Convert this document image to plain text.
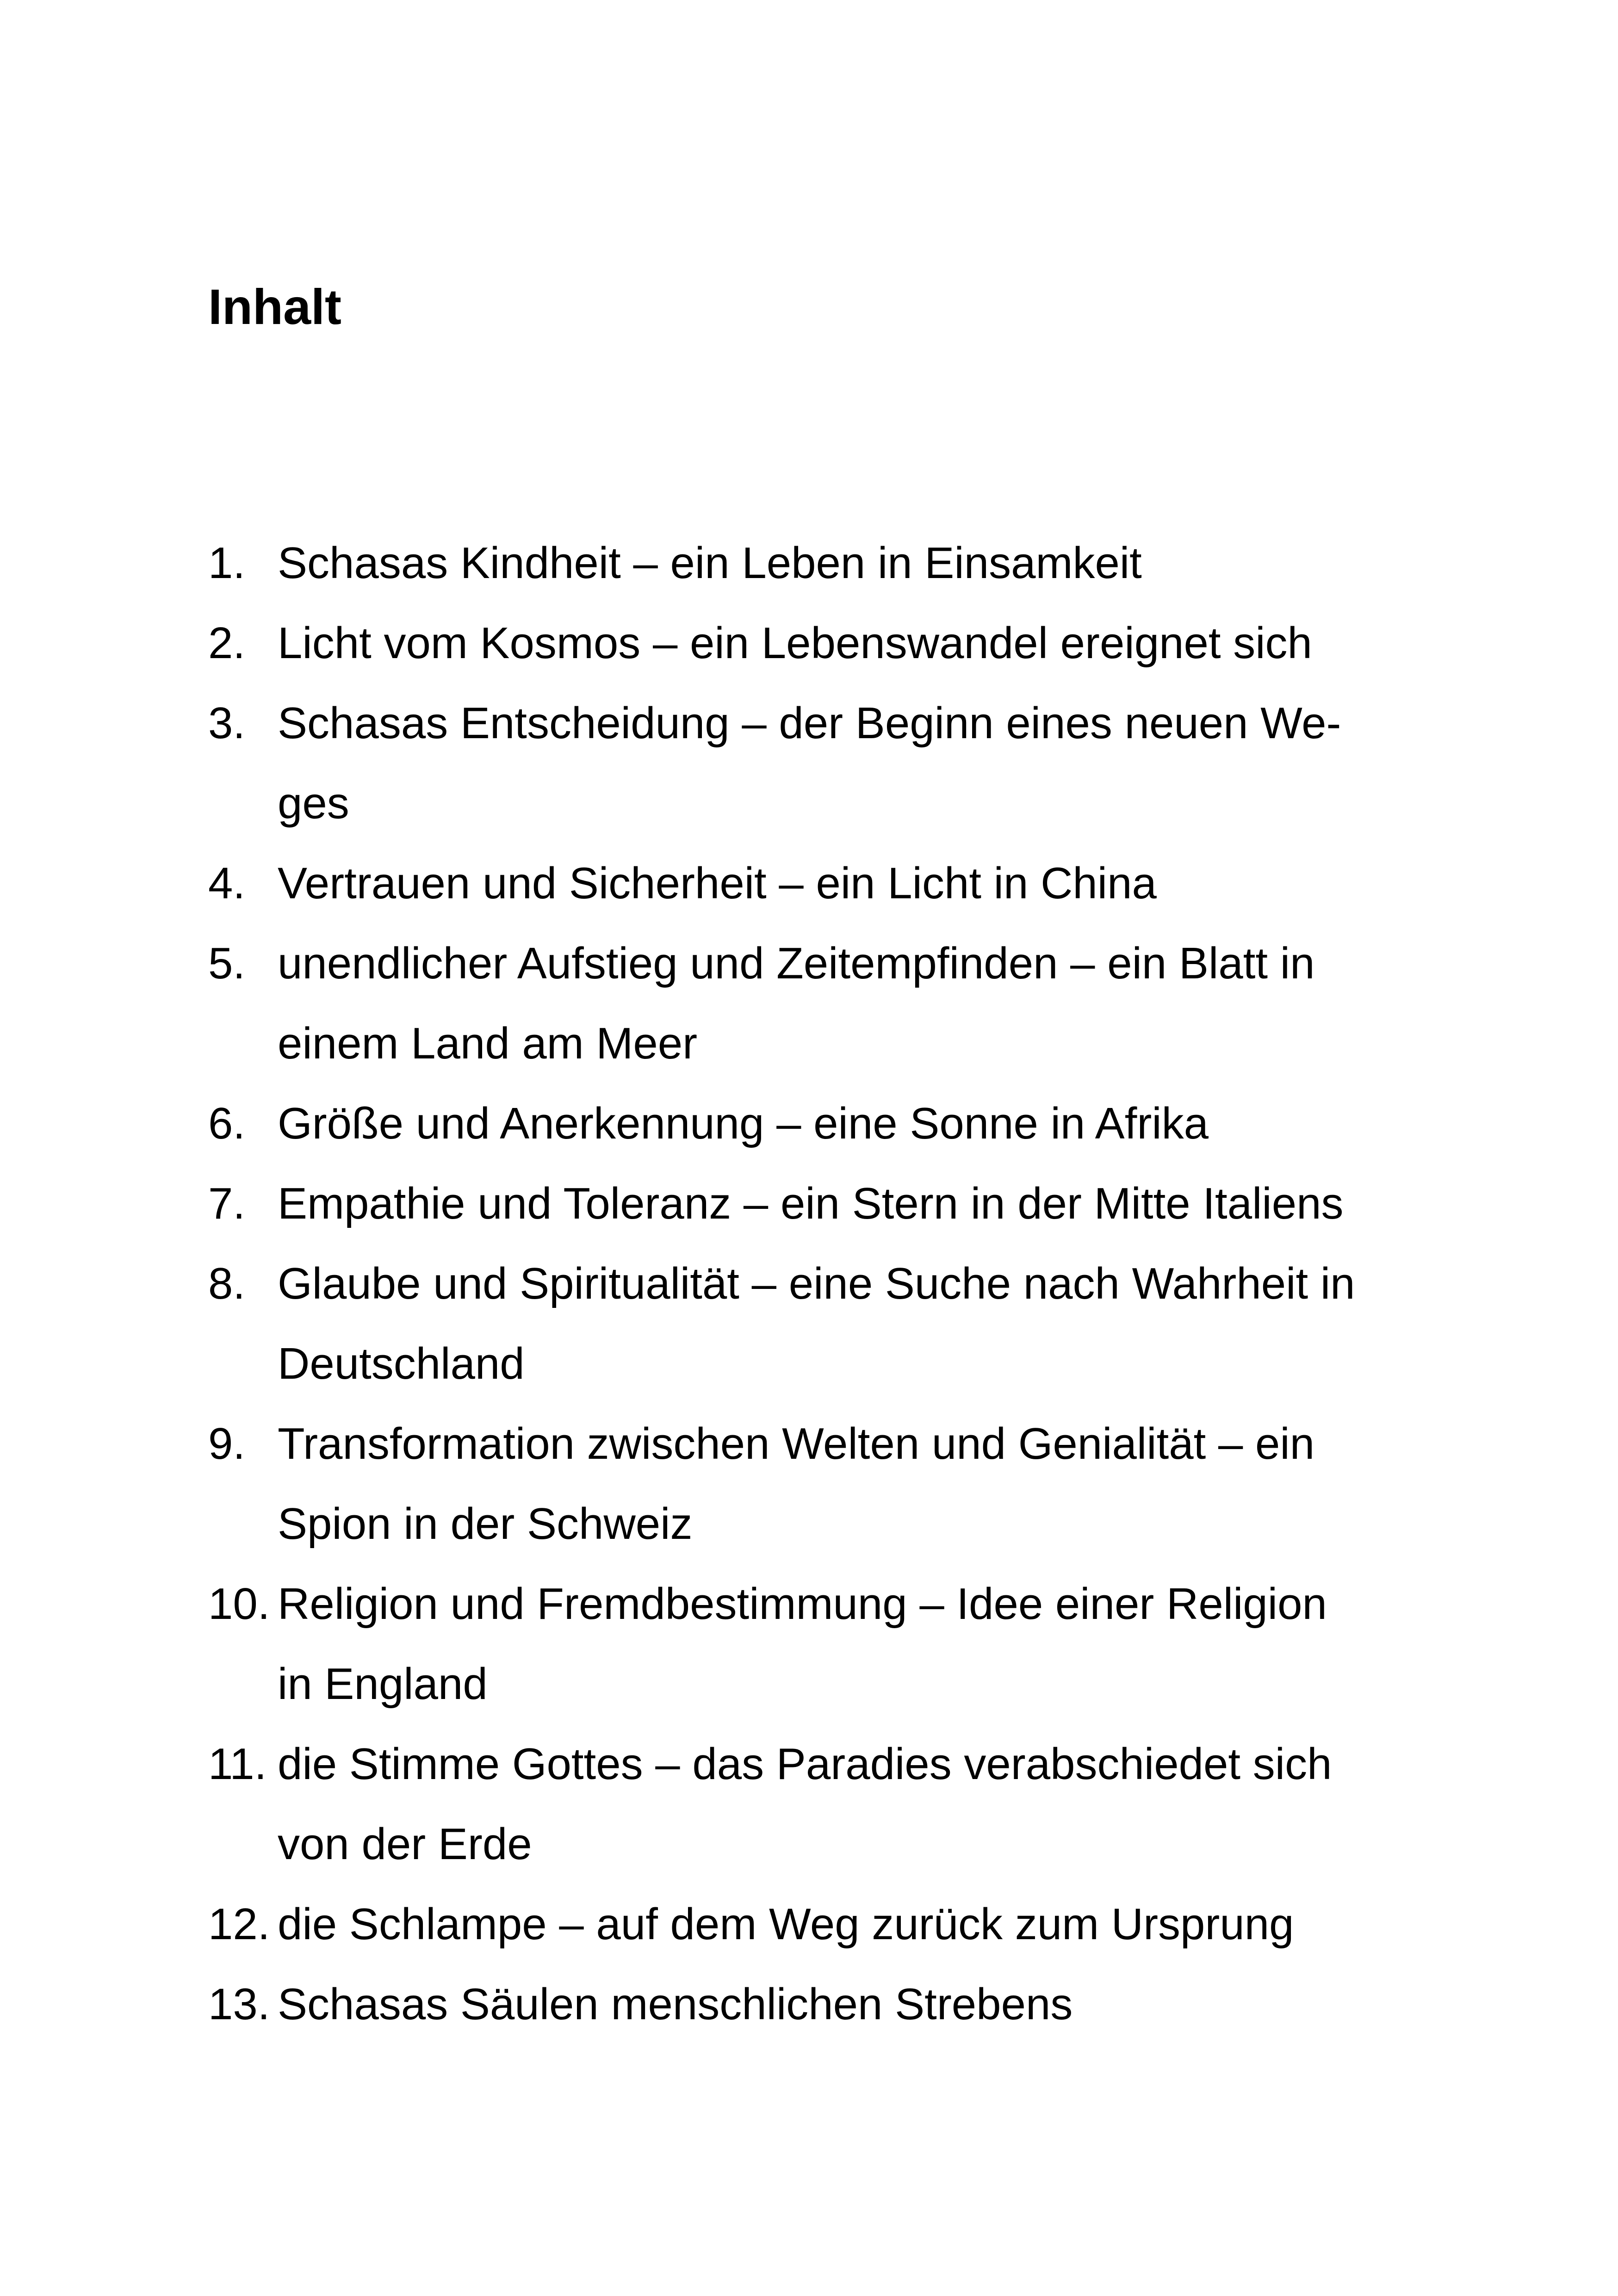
Inhalt
1. Schasas Kindheit – ein Leben in Einsamkeit
2. Licht vom Kosmos – ein Lebenswandel ereignet sich
3. Schasas Entscheidung – der Beginn eines neuen We-
ges
4. Vertrauen und Sicherheit – ein Licht in China
5. unendlicher Aufstieg und Zeitempfinden – ein Blatt in
einem Land am Meer
6. Größe und Anerkennung – eine Sonne in Afrika
7. Empathie und Toleranz – ein Stern in der Mitte Italiens
8. Glaube und Spiritualität – eine Suche nach Wahrheit in
Deutschland
9. Transformation zwischen Welten und Genialität – ein
Spion in der Schweiz
10. Religion und Fremdbestimmung – Idee einer Religion
in England
11. die Stimme Gottes – das Paradies verabschiedet sich
von der Erde
12. die Schlampe – auf dem Weg zurück zum Ursprung
13. Schasas Säulen menschlichen Strebens
